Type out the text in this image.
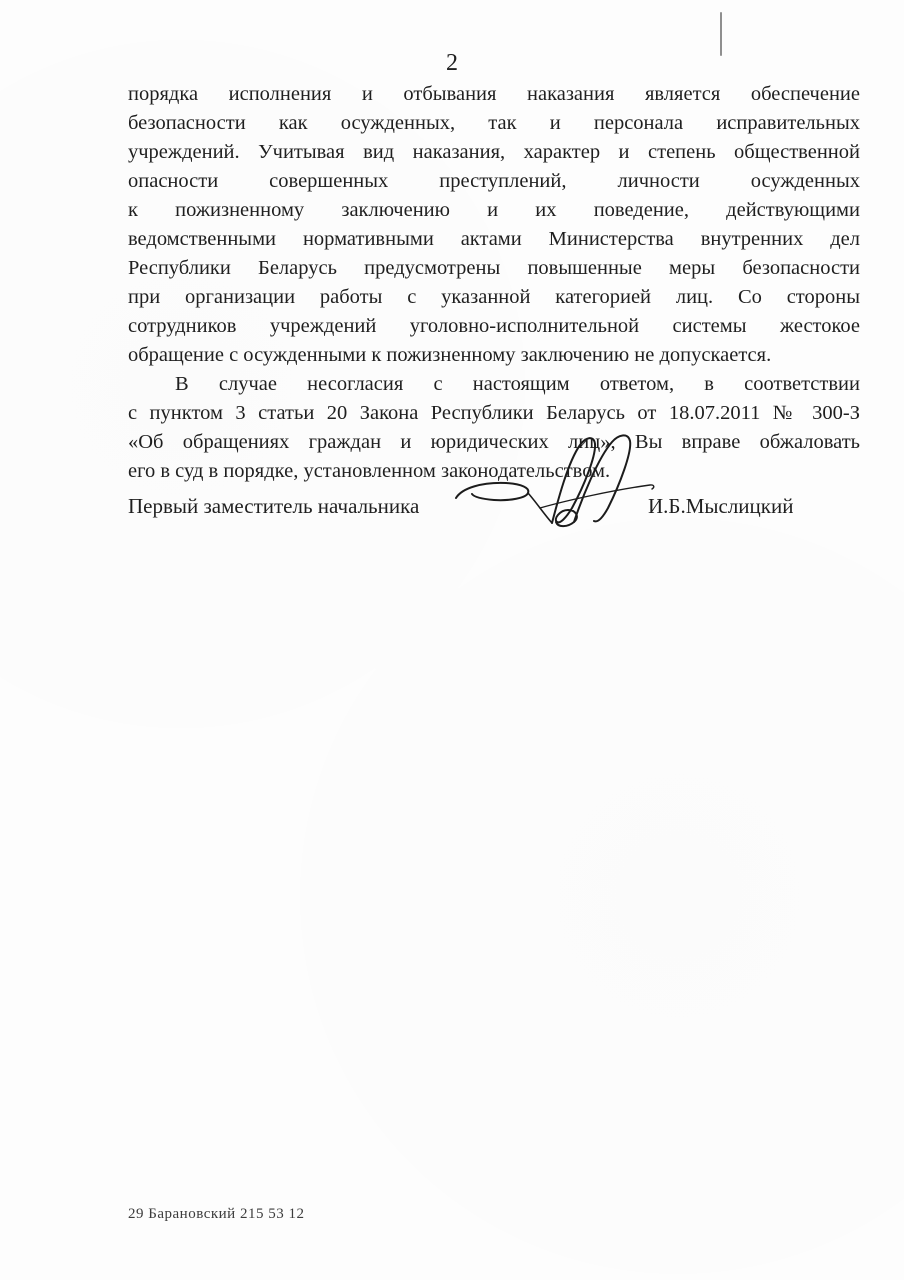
2
порядка исполнения и отбывания наказания является обеспечение
безопасности как осужденных, так и персонала исправительных
учреждений. Учитывая вид наказания, характер и степень общественной
опасности совершенных преступлений, личности осужденных
к пожизненному заключению и их поведение, действующими
ведомственными нормативными актами Министерства внутренних дел
Республики Беларусь предусмотрены повышенные меры безопасности
при организации работы с указанной категорией лиц. Со стороны
сотрудников учреждений уголовно-исполнительной системы жестокое
обращение с осужденными к пожизненному заключению не допускается.
В случае несогласия с настоящим ответом, в соответствии
с пунктом 3 статьи 20 Закона Республики Беларусь от 18.07.2011 № 300-З
«Об обращениях граждан и юридических лиц», Вы вправе обжаловать
его в суд в порядке, установленном законодательством.
Первый заместитель начальника	И.Б.Мыслицкий
29 Барановский 215 53 12
